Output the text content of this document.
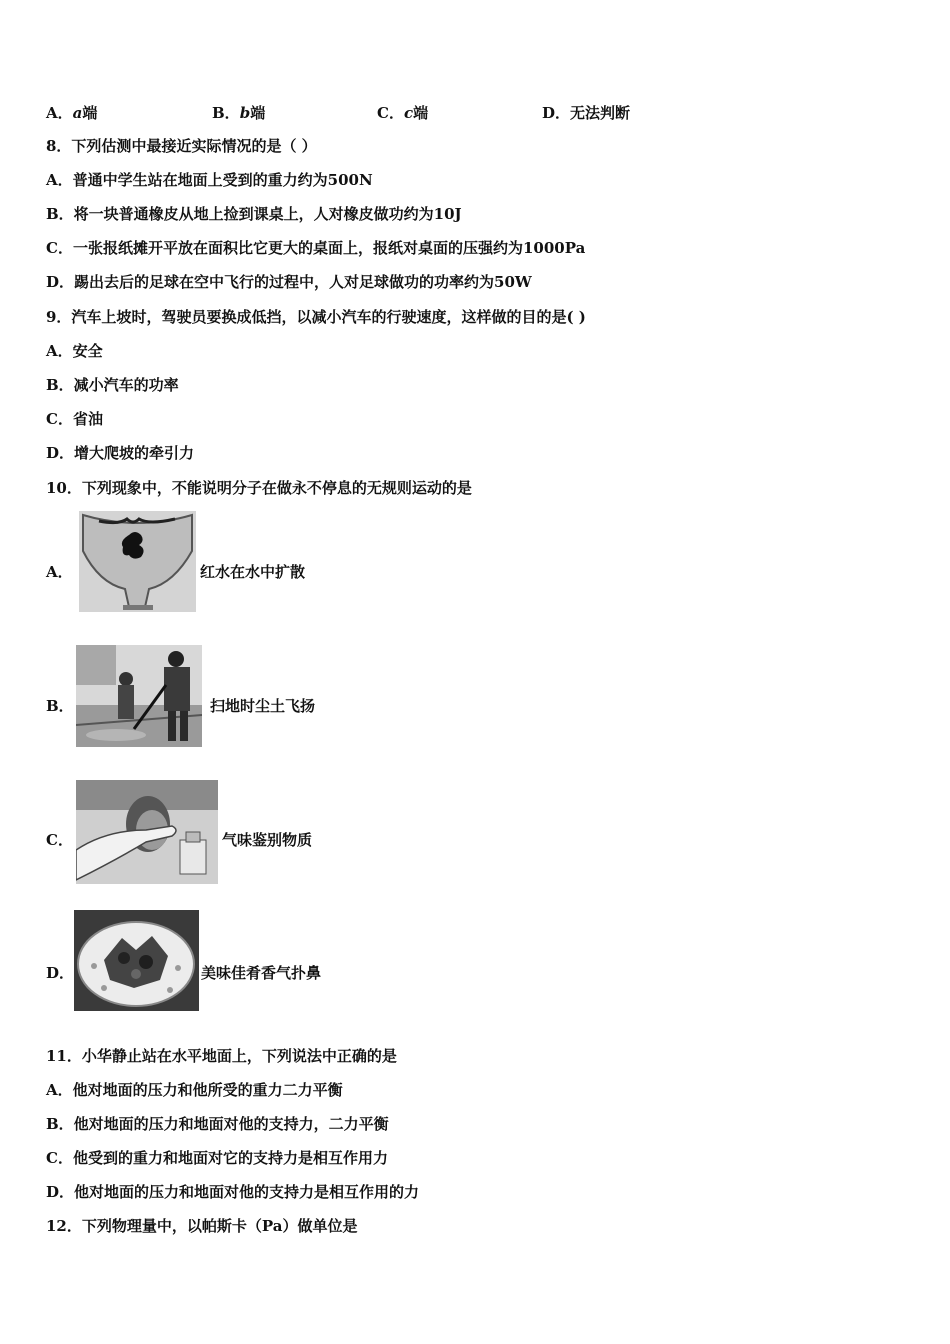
A．a端	B．b端	C．c端	D．无法判断
8．下列估测中最接近实际情况的是（ ）
A．普通中学生站在地面上受到的重力约为500N
B．将一块普通橡皮从地上捡到课桌上，人对橡皮做功约为10J
C．一张报纸摊开平放在面积比它更大的桌面上，报纸对桌面的压强约为1000Pa
D．踢出去后的足球在空中飞行的过程中，人对足球做功的功率约为50W
9．汽车上坡时，驾驶员要换成低挡，以减小汽车的行驶速度，这样做的目的是( )
A．安全
B．减小汽车的功率
C．省油
D．增大爬坡的牵引力
10．下列现象中，不能说明分子在做永不停息的无规则运动的是
A．	红水在水中扩散
B．	扫地时尘土飞扬
C．	气味鉴别物质
D．	美味佳肴香气扑鼻
11．小华静止站在水平地面上，下列说法中正确的是
A．他对地面的压力和他所受的重力二力平衡
B．他对地面的压力和地面对他的支持力，二力平衡
C．他受到的重力和地面对它的支持力是相互作用力
D．他对地面的压力和地面对他的支持力是相互作用的力
12．下列物理量中，以帕斯卡（Pa）做单位是
